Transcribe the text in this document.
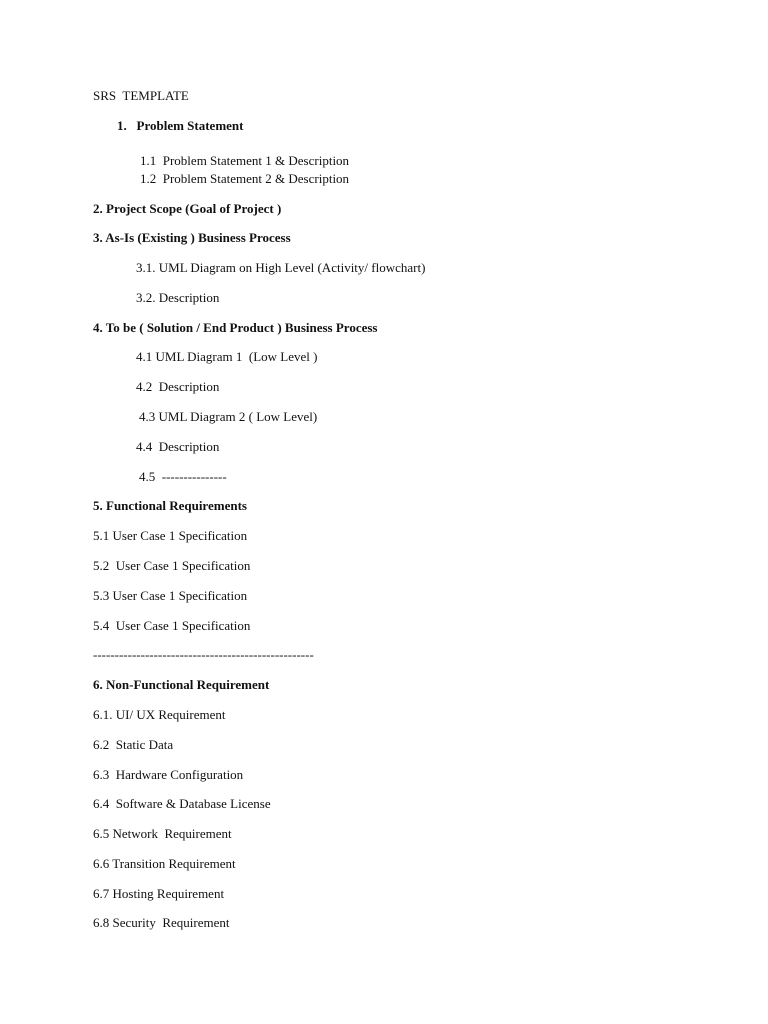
SRS  TEMPLATE
1.   Problem Statement
1.1  Problem Statement 1 & Description
1.2  Problem Statement 2 & Description
2. Project Scope (Goal of Project )
3. As-Is (Existing ) Business Process
3.1. UML Diagram on High Level (Activity/ flowchart)
3.2. Description
4. To be ( Solution / End Product ) Business Process
4.1 UML Diagram 1  (Low Level )
4.2  Description
4.3 UML Diagram 2 ( Low Level)
4.4  Description
4.5  ---------------
5. Functional Requirements
5.1 User Case 1 Specification
5.2  User Case 1 Specification
5.3 User Case 1 Specification
5.4  User Case 1 Specification
---------------------------------------------------
6. Non-Functional Requirement
6.1. UI/ UX Requirement
6.2  Static Data
6.3  Hardware Configuration
6.4  Software & Database License
6.5 Network  Requirement
6.6 Transition Requirement
6.7 Hosting Requirement
6.8 Security  Requirement
